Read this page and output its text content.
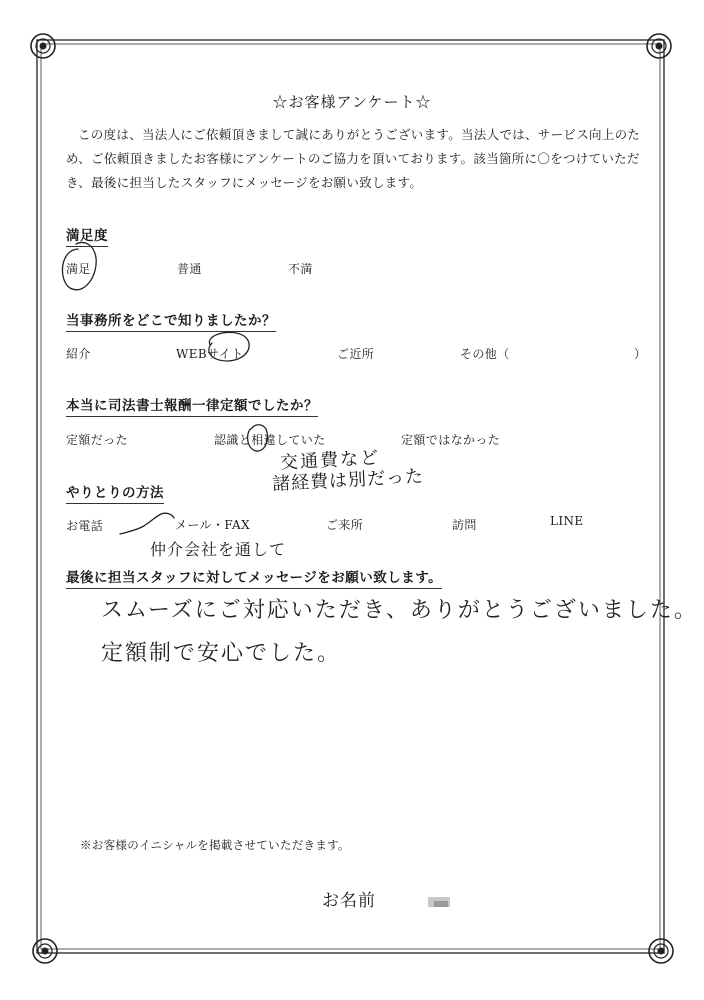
☆お客様アンケート☆
この度は、当法人にご依頼頂きまして誠にありがとうございます。当法人では、サービス向上のため、ご依頼頂きましたお客様にアンケートのご協力を頂いております。該当箇所に〇をつけていただき、最後に担当したスタッフにメッセージをお願い致します。
満足度
満足	普通	不満
当事務所をどこで知りましたか？
紹介	WEBサイト	ご近所	その他（	）
本当に司法書士報酬一律定額でしたか？
定額だった	認識と相違していた	定額ではなかった
交通費など
諸経費は別だった
やりとりの方法
お電話	メール・FAX	ご来所	訪問	LINE
仲介会社を通して
最後に担当スタッフに対してメッセージをお願い致します。
スムーズにご対応いただき、ありがとうございました。
定額制で安心でした。
※お客様のイニシャルを掲載させていただきます。
お名前
